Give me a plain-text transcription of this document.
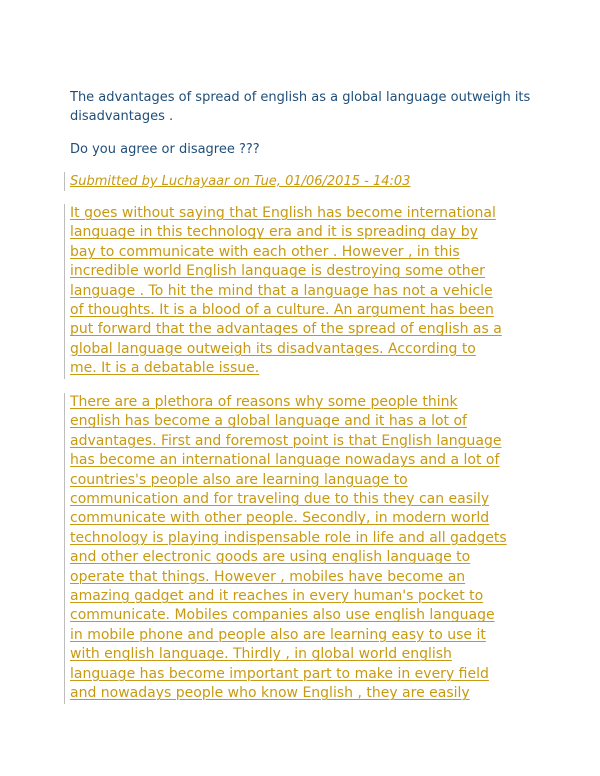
The advantages of spread of english as a global language outweigh its
disadvantages .
Do you agree or disagree ???
Submitted by Luchayaar on Tue, 01/06/2015 - 14:03
It goes without saying that English has become international
language in this technology era and it is spreading day by
bay to communicate with each other . However , in this
incredible world English language is destroying some other
language . To hit the mind that a language has not a vehicle
of thoughts. It is a blood of a culture. An argument has been
put forward that the advantages of the spread of english as a
global language outweigh its disadvantages. According to
me. It is a debatable issue.
There are a plethora of reasons why some people think
english has become a global language and it has a lot of
advantages. First and foremost point is that English language
has become an international language nowadays and a lot of
countries's people also are learning language to
communication and for traveling due to this they can easily
communicate with other people. Secondly, in modern world
technology is playing indispensable role in life and all gadgets
and other electronic goods are using english language to
operate that things. However , mobiles have become an
amazing gadget and it reaches in every human's pocket to
communicate. Mobiles companies also use english language
in mobile phone and people also are learning easy to use it
with english language. Thirdly , in global world english
language has become important part to make in every field
and nowadays people who know English , they are easily
